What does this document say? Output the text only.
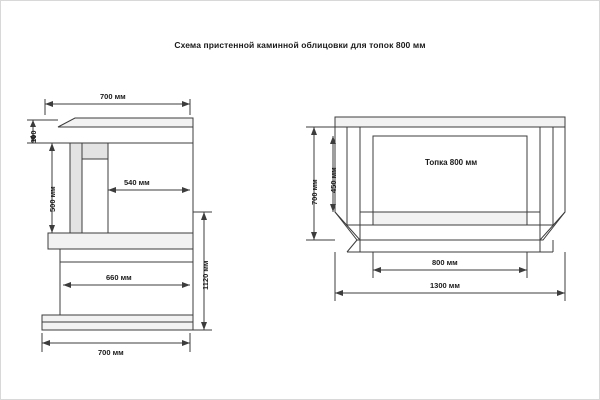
Схема пристенной каминной облицовки для топок 800 мм
700 мм
100
500 мм
540 мм
660 мм	1120 мм
700 мм
Топка 800 мм
700 мм 450 мм
800 мм
1300 мм
